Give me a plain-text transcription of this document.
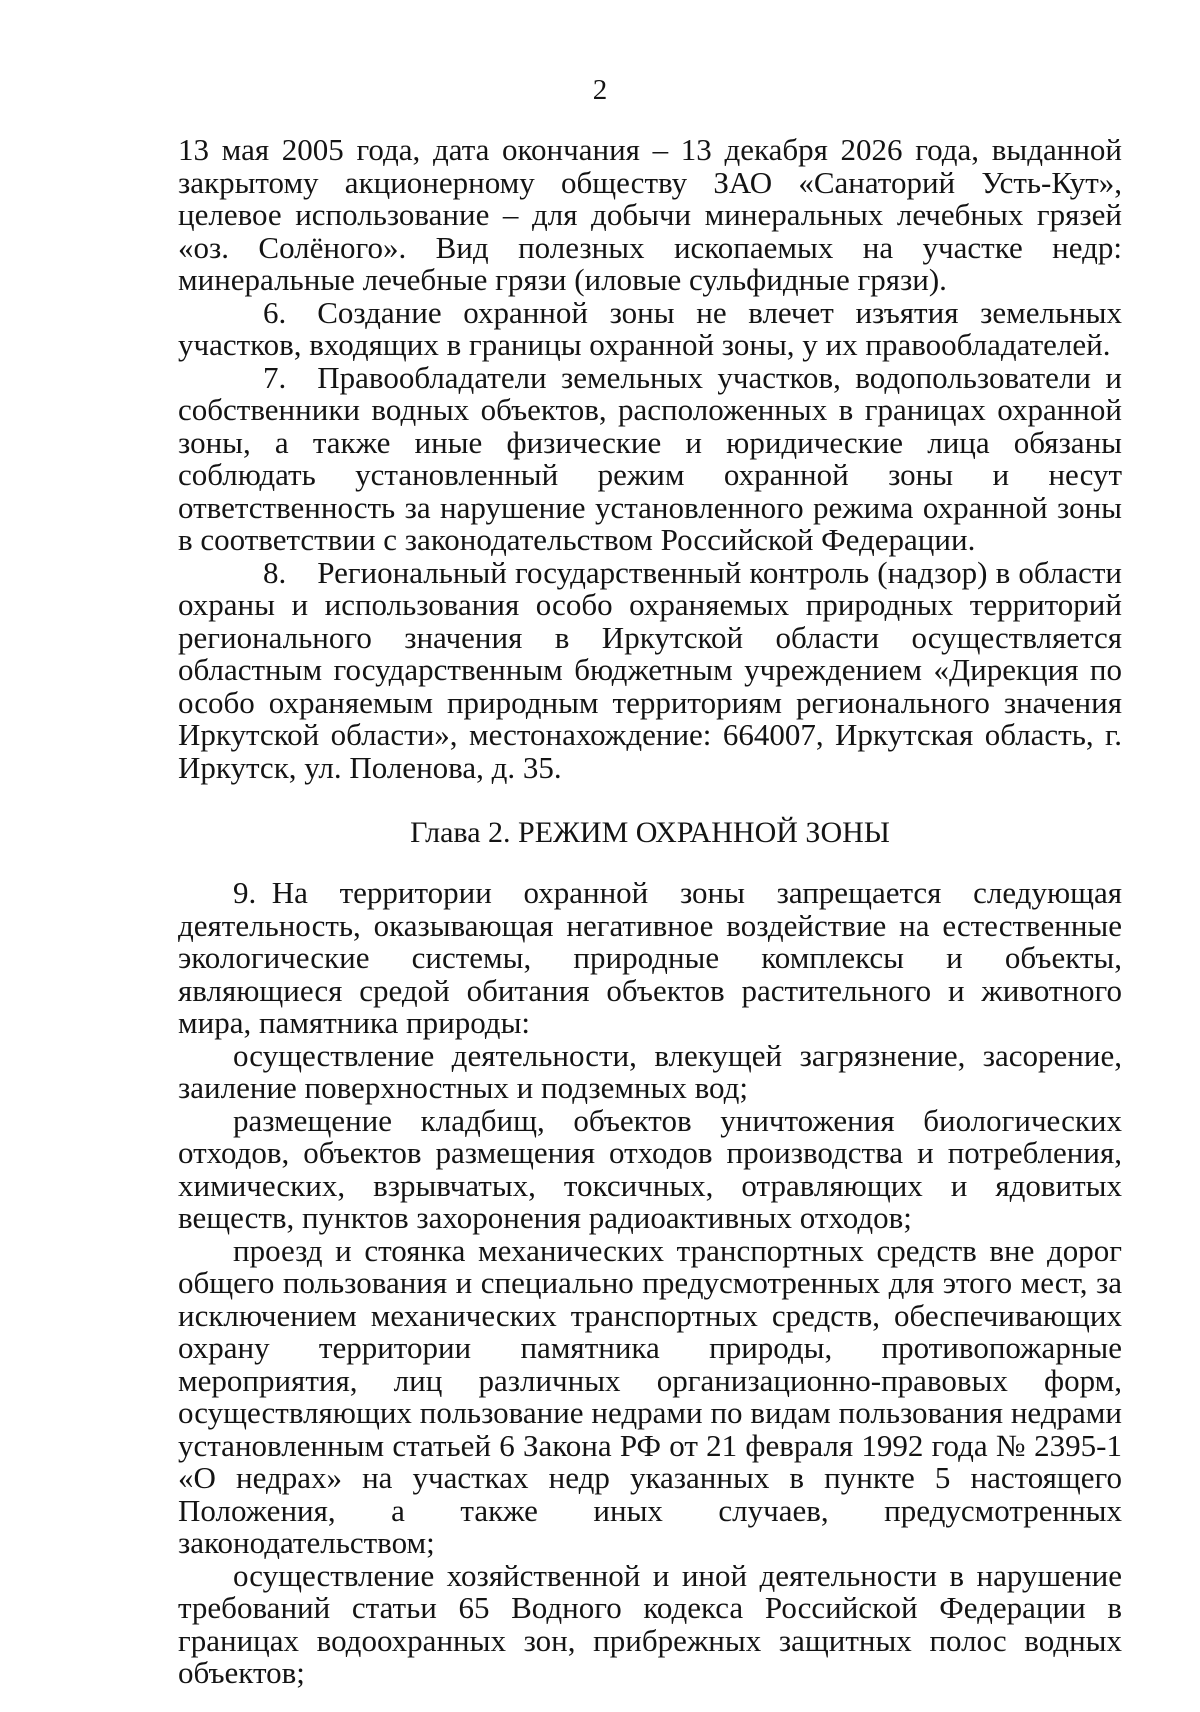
2

13 мая 2005 года, дата окончания – 13 декабря 2026 года, выданной закрытому акционерному обществу ЗАО «Санаторий Усть-Кут», целевое использование – для добычи минеральных лечебных грязей «оз. Солёного». Вид полезных ископаемых на участке недр: минеральные лечебные грязи (иловые сульфидные грязи).

6. Создание охранной зоны не влечет изъятия земельных участков, входящих в границы охранной зоны, у их правообладателей.

7. Правообладатели земельных участков, водопользователи и собственники водных объектов, расположенных в границах охранной зоны, а также иные физические и юридические лица обязаны соблюдать установленный режим охранной зоны и несут ответственность за нарушение установленного режима охранной зоны в соответствии с законодательством Российской Федерации.

8. Региональный государственный контроль (надзор) в области охраны и использования особо охраняемых природных территорий регионального значения в Иркутской области осуществляется областным государственным бюджетным учреждением «Дирекция по особо охраняемым природным территориям регионального значения Иркутской области», местонахождение: 664007, Иркутская область, г. Иркутск, ул. Поленова, д. 35.

Глава 2. РЕЖИМ ОХРАННОЙ ЗОНЫ

9. На территории охранной зоны запрещается следующая деятельность, оказывающая негативное воздействие на естественные экологические системы, природные комплексы и объекты, являющиеся средой обитания объектов растительного и животного мира, памятника природы:

осуществление деятельности, влекущей загрязнение, засорение, заиление поверхностных и подземных вод;

размещение кладбищ, объектов уничтожения биологических отходов, объектов размещения отходов производства и потребления, химических, взрывчатых, токсичных, отравляющих и ядовитых веществ, пунктов захоронения радиоактивных отходов;

проезд и стоянка механических транспортных средств вне дорог общего пользования и специально предусмотренных для этого мест, за исключением механических транспортных средств, обеспечивающих охрану территории памятника природы, противопожарные мероприятия, лиц различных организационно-правовых форм, осуществляющих пользование недрами по видам пользования недрами установленным статьей 6 Закона РФ от 21 февраля 1992 года № 2395-1 «О недрах» на участках недр указанных в пункте 5 настоящего Положения, а также иных случаев, предусмотренных законодательством;

осуществление хозяйственной и иной деятельности в нарушение требований статьи 65 Водного кодекса Российской Федерации в границах водоохранных зон, прибрежных защитных полос водных объектов;
